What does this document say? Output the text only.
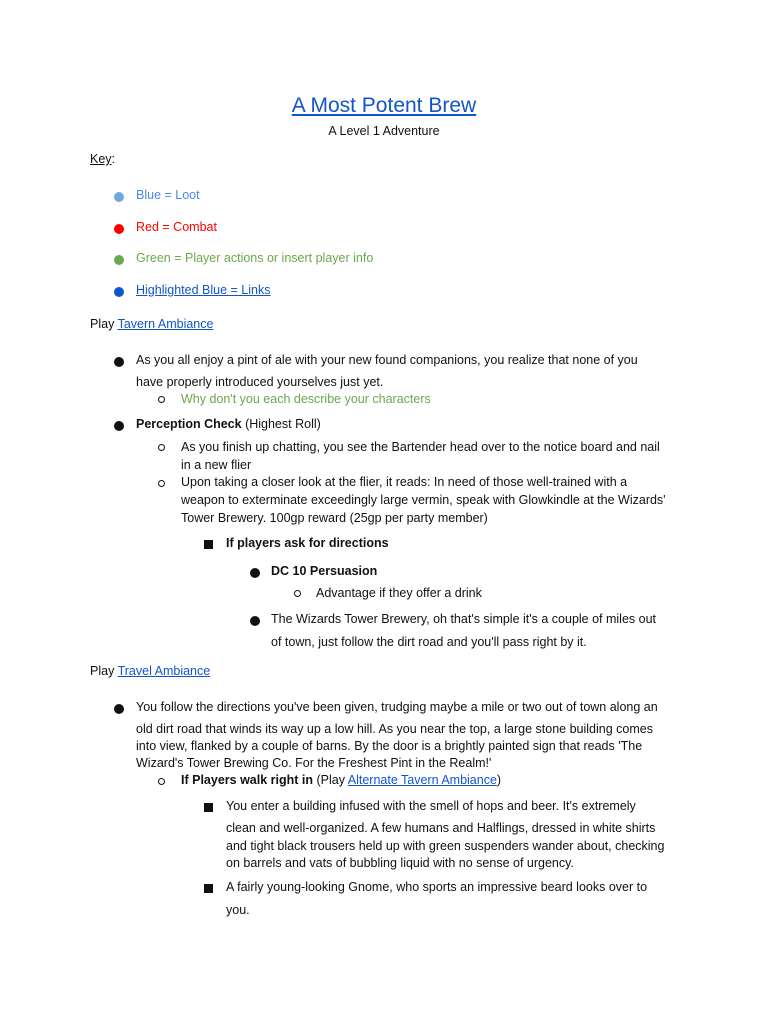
A Most Potent Brew
A Level 1 Adventure
Key:
Blue = Loot
Red = Combat
Green = Player actions or insert player info
Highlighted Blue = Links
Play Tavern Ambiance
As you all enjoy a pint of ale with your new found companions, you realize that none of you
have properly introduced yourselves just yet.
Why don't you each describe your characters
Perception Check (Highest Roll)
As you finish up chatting, you see the Bartender head over to the notice board and nail
in a new flier
Upon taking a closer look at the flier, it reads: In need of those well-trained with a
weapon to exterminate exceedingly large vermin, speak with Glowkindle at the Wizards'
Tower Brewery. 100gp reward (25gp per party member)
If players ask for directions
DC 10 Persuasion
Advantage if they offer a drink
The Wizards Tower Brewery, oh that's simple it's a couple of miles out
of town, just follow the dirt road and you'll pass right by it.
Play Travel Ambiance
You follow the directions you've been given, trudging maybe a mile or two out of town along an
old dirt road that winds its way up a low hill. As you near the top, a large stone building comes
into view, flanked by a couple of barns. By the door is a brightly painted sign that reads 'The
Wizard's Tower Brewing Co. For the Freshest Pint in the Realm!'
If Players walk right in (Play Alternate Tavern Ambiance)
You enter a building infused with the smell of hops and beer. It's extremely
clean and well-organized. A few humans and Halflings, dressed in white shirts
and tight black trousers held up with green suspenders wander about, checking
on barrels and vats of bubbling liquid with no sense of urgency.
A fairly young-looking Gnome, who sports an impressive beard looks over to
you.
